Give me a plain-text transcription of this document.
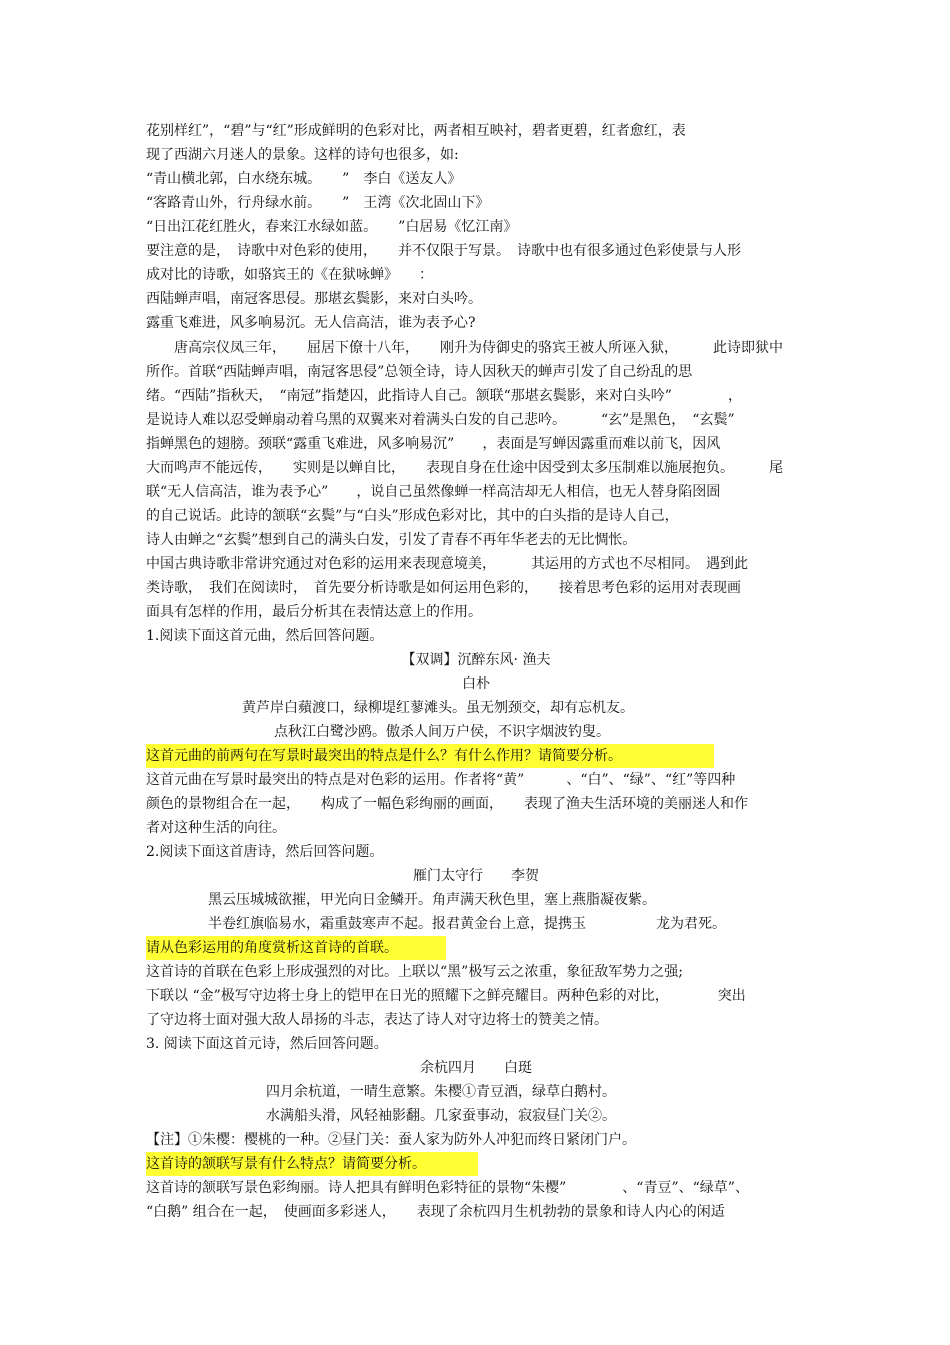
花别样红”，“碧”与“红”形成鲜明的色彩对比，两者相互映衬，碧者更碧，红者愈红，表
现了西湖六月迷人的景象。这样的诗句也很多，如:
“青山横北郭，白水绕东城。　　”　李白《送友人》
“客路青山外，行舟绿水前。　　”　王湾《次北固山下》
“日出江花红胜火，春来江水绿如蓝。　　”白居易《忆江南》
要注意的是，　诗歌中对色彩的使用，　　并不仅限于写景。　诗歌中也有很多通过色彩使景与人形
成对比的诗歌，如骆宾王的《在狱咏蝉》　　：
西陆蝉声唱，南冠客思侵。那堪玄鬓影，来对白头吟。
露重飞难进，风多响易沉。无人信高洁，谁为表予心?
　　唐高宗仪凤三年，　　屈居下僚十八年，　　刚升为侍御史的骆宾王被人所诬入狱，　　　此诗即狱中
所作。首联“西陆蝉声唱，南冠客思侵”总领全诗，诗人因秋天的蝉声引发了自己纷乱的思
绪。“西陆”指秋天，　“南冠”指楚囚，此指诗人自己。颔联“那堪玄鬓影，来对白头吟”　　　　，
是说诗人难以忍受蝉扇动着乌黑的双翼来对着满头白发的自己悲吟。　　　“玄”是黑色，　“玄鬓”
指蝉黑色的翅膀。颈联“露重飞难进，风多响易沉”　　，表面是写蝉因露重而难以前飞，因风
大而鸣声不能远传，　　实则是以蝉自比，　　表现自身在仕途中因受到太多压制难以施展抱负。　　　尾
联“无人信高洁，谁为表予心”　　，说自己虽然像蝉一样高洁却无人相信，也无人替身陷囹圄
的自己说话。此诗的颔联“玄鬓”与“白头”形成色彩对比，其中的白头指的是诗人自己，
诗人由蝉之“玄鬓”想到自己的满头白发，引发了青春不再年华老去的无比惆怅。
中国古典诗歌非常讲究通过对色彩的运用来表现意境美，　　　其运用的方式也不尽相同。　遇到此
类诗歌，　我们在阅读时，　首先要分析诗歌是如何运用色彩的，　　接着思考色彩的运用对表现画
面具有怎样的作用，最后分析其在表情达意上的作用。
1.阅读下面这首元曲，然后回答问题。
【双调】沉醉东风· 渔夫
白朴
黄芦岸白蘋渡口，绿柳堤红蓼滩头。虽无刎颈交，却有忘机友。
点秋江白鹭沙鸥。傲杀人间万户侯，不识字烟波钓叟。
这首元曲的前两句在写景时最突出的特点是什么？有什么作用？请简要分析。
这首元曲在写景时最突出的特点是对色彩的运用。作者将“黄”　　　、“白”、“绿”、“红”等四种
颜色的景物组合在一起，　　构成了一幅色彩绚丽的画面，　　表现了渔夫生活环境的美丽迷人和作
者对这种生活的向往。
2.阅读下面这首唐诗，然后回答问题。
雁门太守行　　李贺
黑云压城城欲摧，甲光向日金鳞开。角声满天秋色里，塞上燕脂凝夜紫。
半卷红旗临易水，霜重鼓寒声不起。报君黄金台上意，提携玉　　　　　龙为君死。
请从色彩运用的角度赏析这首诗的首联。
这首诗的首联在色彩上形成强烈的对比。上联以“黑”极写云之浓重，象征敌军势力之强;
下联以 “金”极写守边将士身上的铠甲在日光的照耀下之鲜亮耀目。两种色彩的对比，　　　　突出
了守边将士面对强大敌人昂扬的斗志，表达了诗人对守边将士的赞美之情。
3. 阅读下面这首元诗，然后回答问题。
余杭四月　　白珽
四月余杭道，一晴生意繁。朱樱①青豆酒，绿草白鹅村。
水满船头滑，风轻袖影翻。几家蚕事动，寂寂昼门关②。
【注】①朱樱：樱桃的一种。②昼门关：蚕人家为防外人冲犯而终日紧闭门户。
这首诗的颔联写景有什么特点？请简要分析。
这首诗的颔联写景色彩绚丽。诗人把具有鲜明色彩特征的景物“朱樱”　　　　、“青豆”、“绿草”、
“白鹅” 组合在一起，　使画面多彩迷人，　　表现了余杭四月生机勃勃的景象和诗人内心的闲适
